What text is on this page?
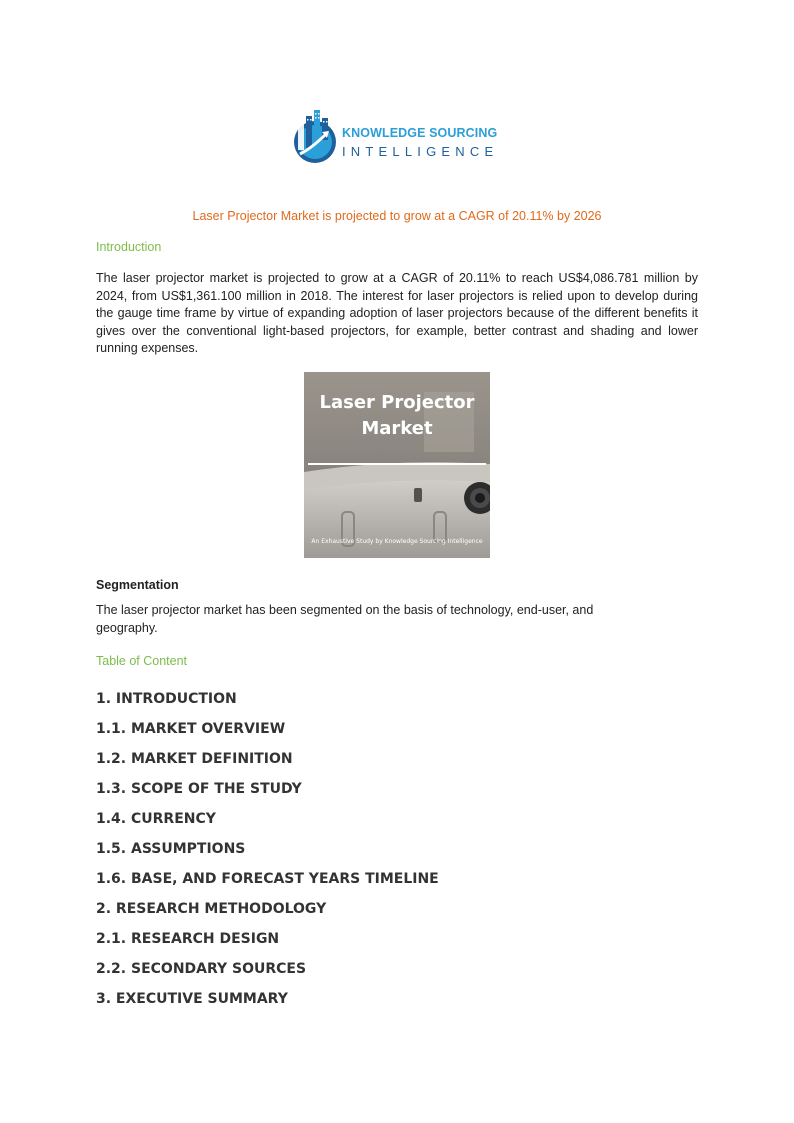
KNOWLEDGE SOURCING
INTELLIGENCE
Laser Projector Market is projected to grow at a CAGR of 20.11% by 2026
Introduction
The laser projector market is projected to grow at a CAGR of 20.11% to reach US$4,086.781 million by 2024, from US$1,361.100 million in 2018. The interest for laser projectors is relied upon to develop during the gauge time frame by virtue of expanding adoption of laser projectors because of the different benefits it gives over the conventional light-based projectors, for example, better contrast and shading and lower running expenses.
Laser Projector
Market
An Exhaustive Study by Knowledge Sourcing Intelligence
Segmentation
The laser projector market has been segmented on the basis of technology, end-user, and geography.
Table of Content
1. INTRODUCTION
1.1. MARKET OVERVIEW
1.2. MARKET DEFINITION
1.3. SCOPE OF THE STUDY
1.4. CURRENCY
1.5. ASSUMPTIONS
1.6. BASE, AND FORECAST YEARS TIMELINE
2. RESEARCH METHODOLOGY
2.1. RESEARCH DESIGN
2.2. SECONDARY SOURCES
3. EXECUTIVE SUMMARY
